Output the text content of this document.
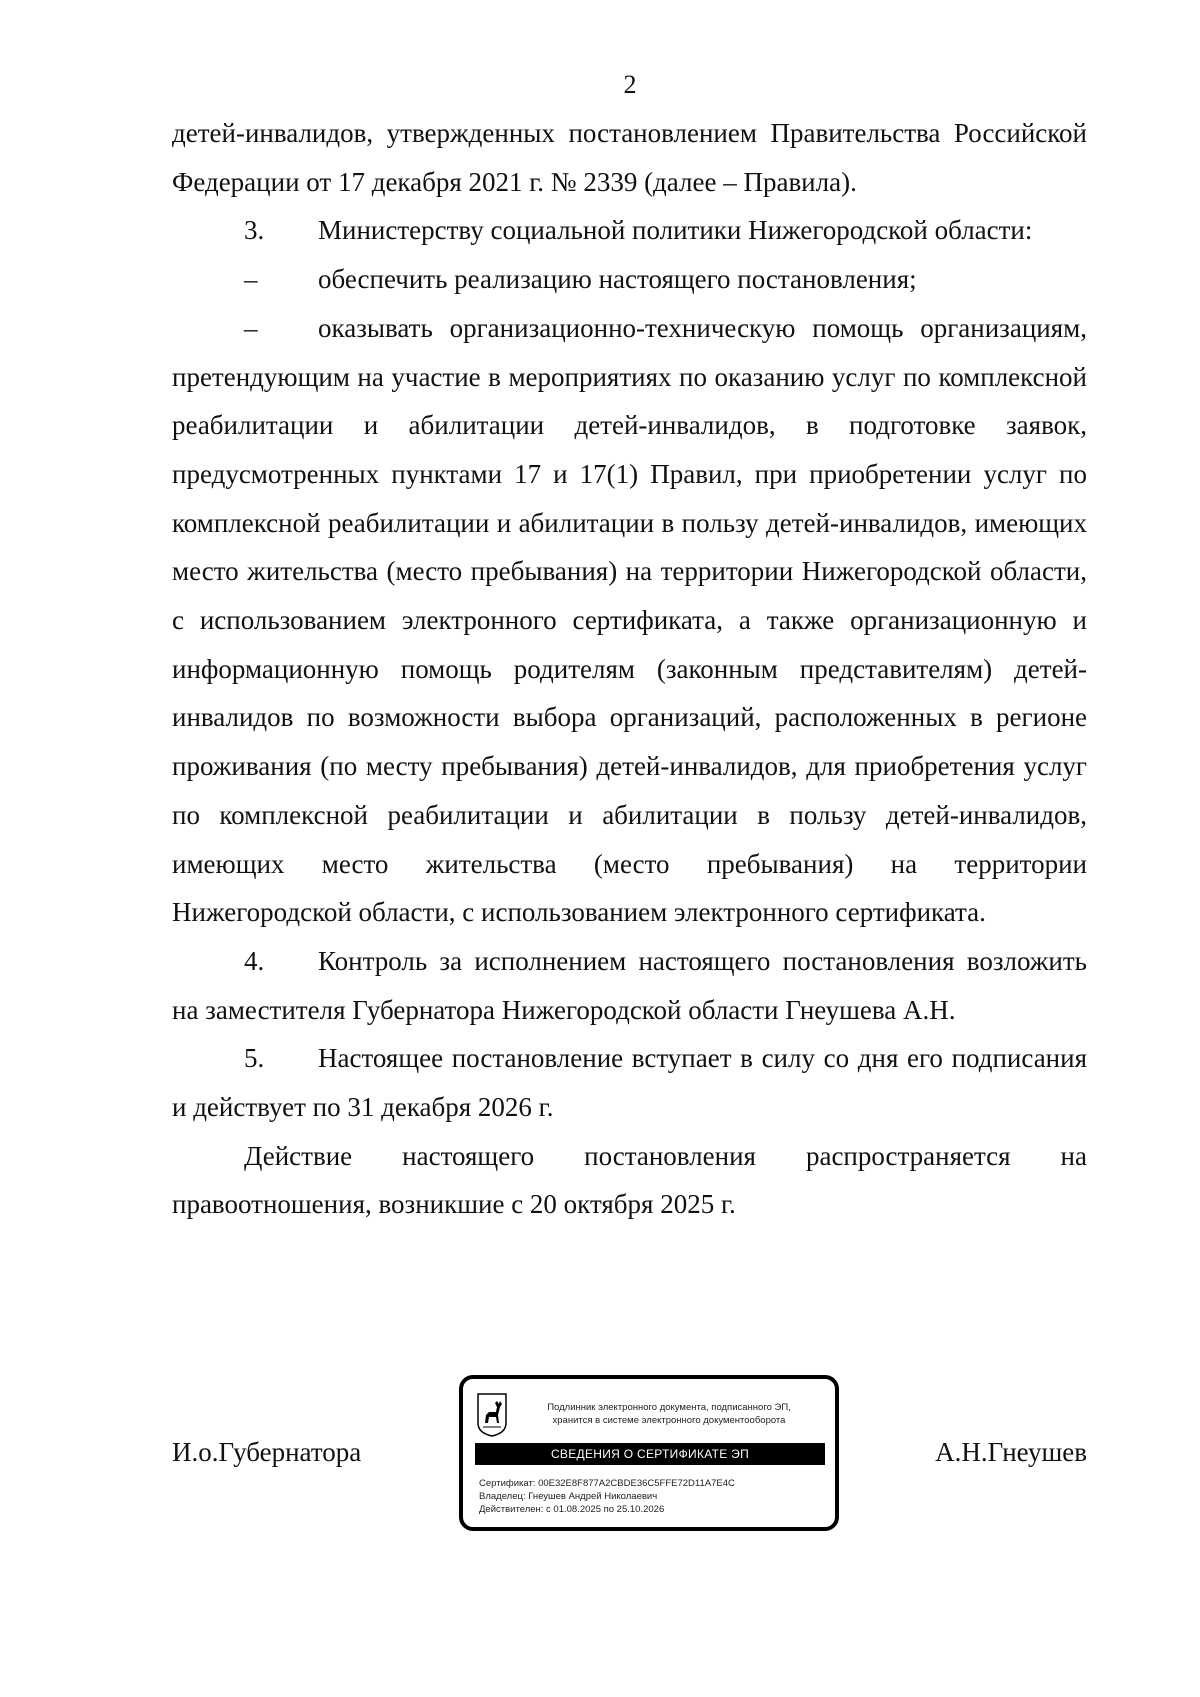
2

детей-инвалидов, утвержденных постановлением Правительства Российской Федерации от 17 декабря 2021 г. № 2339 (далее – Правила).

3.	Министерству социальной политики Нижегородской области:
–	обеспечить реализацию настоящего постановления;

– оказывать организационно-техническую помощь организациям, претендующим на участие в мероприятиях по оказанию услуг по комплексной реабилитации и абилитации детей-инвалидов, в подготовке заявок, предусмотренных пунктами 17 и 17(1) Правил, при приобретении услуг по комплексной реабилитации и абилитации в пользу детей-инвалидов, имеющих место жительства (место пребывания) на территории Нижегородской области, с использованием электронного сертификата, а также организационную и информационную помощь родителям (законным представителям) детей-инвалидов по возможности выбора организаций, расположенных в регионе проживания (по месту пребывания) детей-инвалидов, для приобретения услуг по комплексной реабилитации и абилитации в пользу детей-инвалидов, имеющих место жительства (место пребывания) на территории Нижегородской области, с использованием электронного сертификата.

4. Контроль за исполнением настоящего постановления возложить на заместителя Губернатора Нижегородской области Гнеушева А.Н.

5. Настоящее постановление вступает в силу со дня его подписания и действует по 31 декабря 2026 г.

Действие настоящего постановления распространяется на правоотношения, возникшие с 20 октября 2025 г.

И.о.Губернатора
Подлинник электронного документа, подписанного ЭП,
хранится в системе электронного документооборота
СВЕДЕНИЯ О СЕРТИФИКАТЕ ЭП
Сертификат: 00E32E8F877A2CBDE36C5FFE72D11A7E4C
Владелец: Гнеушев Андрей Николаевич
Действителен: с 01.08.2025 по 25.10.2026
А.Н.Гнеушев
